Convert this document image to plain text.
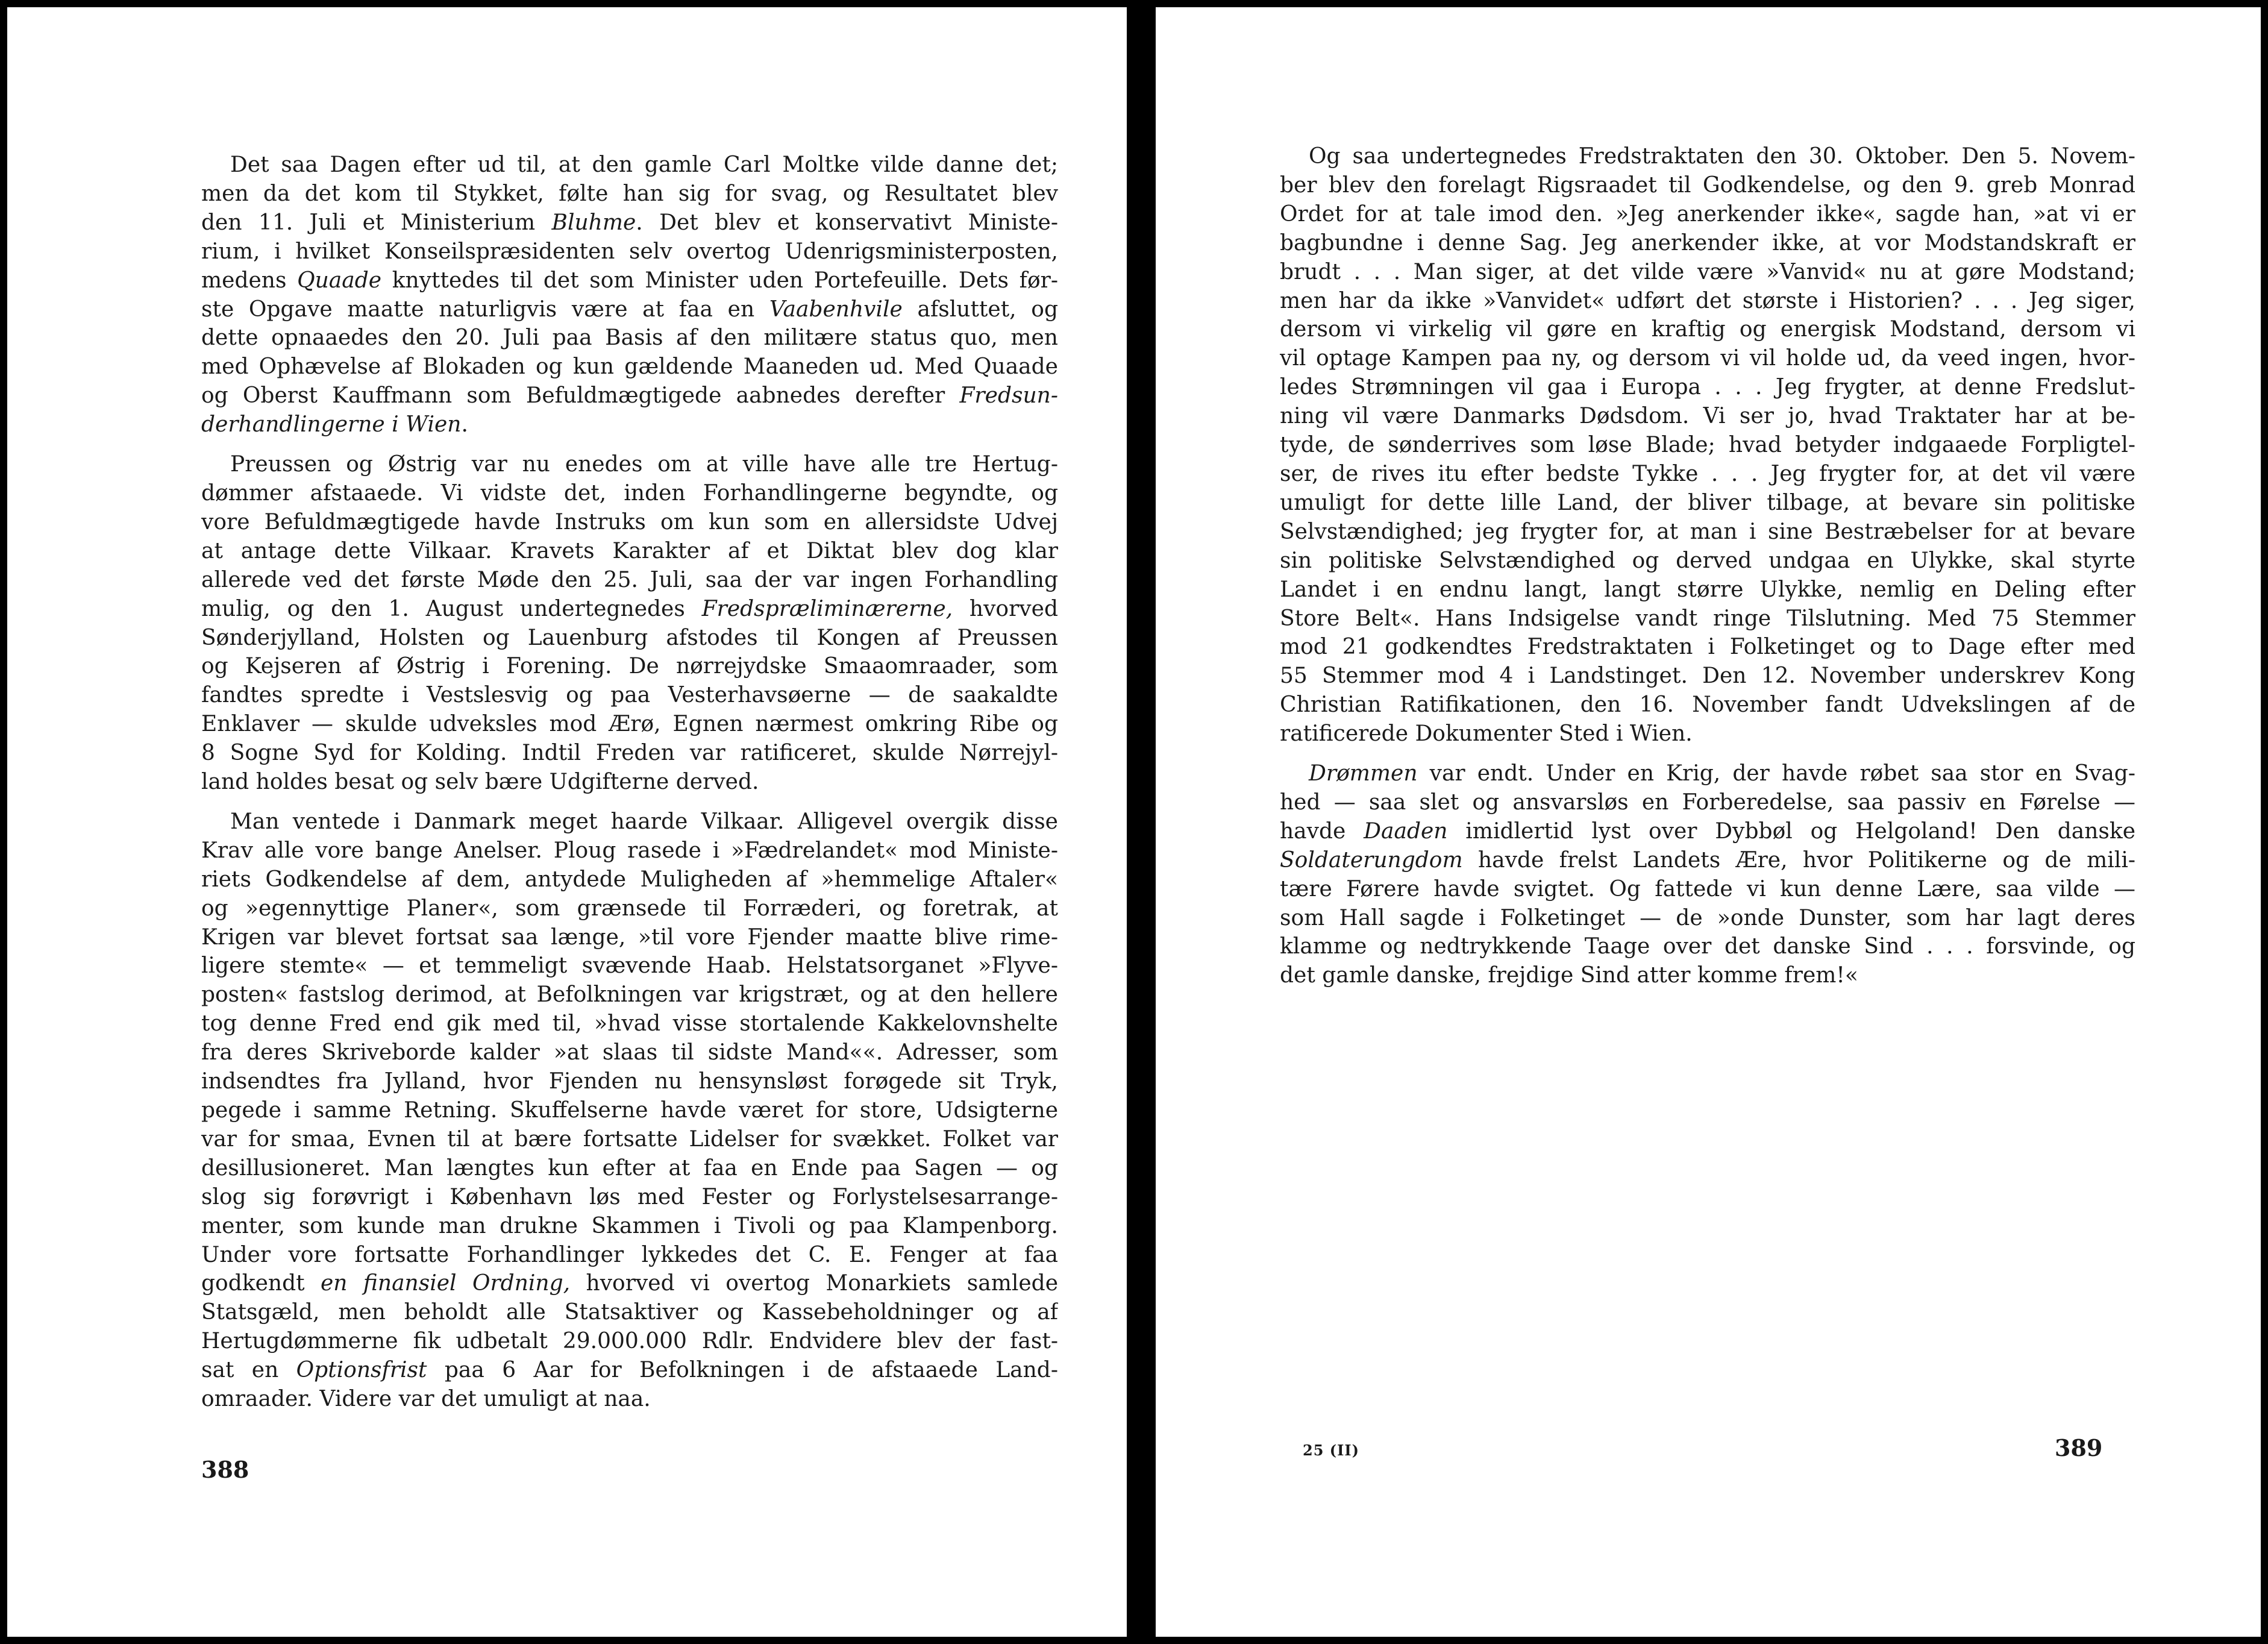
Det saa Dagen efter ud til, at den gamle Carl Moltke vilde danne det;
men da det kom til Stykket, følte han sig for svag, og Resultatet blev
den 11. Juli et Ministerium Bluhme. Det blev et konservativt Ministe-
rium, i hvilket Konseilspræsidenten selv overtog Udenrigsministerposten,
medens Quaade knyttedes til det som Minister uden Portefeuille. Dets før-
ste Opgave maatte naturligvis være at faa en Vaabenhvile afsluttet, og
dette opnaaedes den 20. Juli paa Basis af den militære status quo, men
med Ophævelse af Blokaden og kun gældende Maaneden ud. Med Quaade
og Oberst Kauffmann som Befuldmægtigede aabnedes derefter Fredsun-
derhandlingerne i Wien.
Preussen og Østrig var nu enedes om at ville have alle tre Hertug-
dømmer afstaaede. Vi vidste det, inden Forhandlingerne begyndte, og
vore Befuldmægtigede havde Instruks om kun som en allersidste Udvej
at antage dette Vilkaar. Kravets Karakter af et Diktat blev dog klar
allerede ved det første Møde den 25. Juli, saa der var ingen Forhandling
mulig, og den 1. August undertegnedes Fredspræliminærerne, hvorved
Sønderjylland, Holsten og Lauenburg afstodes til Kongen af Preussen
og Kejseren af Østrig i Forening. De nørrejydske Smaaomraader, som
fandtes spredte i Vestslesvig og paa Vesterhavsøerne — de saakaldte
Enklaver — skulde udveksles mod Ærø, Egnen nærmest omkring Ribe og
8 Sogne Syd for Kolding. Indtil Freden var ratificeret, skulde Nørrejyl-
land holdes besat og selv bære Udgifterne derved.
Man ventede i Danmark meget haarde Vilkaar. Alligevel overgik disse
Krav alle vore bange Anelser. Ploug rasede i »Fædrelandet« mod Ministe-
riets Godkendelse af dem, antydede Muligheden af »hemmelige Aftaler«
og »egennyttige Planer«, som grænsede til Forræderi, og foretrak, at
Krigen var blevet fortsat saa længe, »til vore Fjender maatte blive rime-
ligere stemte« — et temmeligt svævende Haab. Helstatsorganet »Flyve-
posten« fastslog derimod, at Befolkningen var krigstræt, og at den hellere
tog denne Fred end gik med til, »hvad visse stortalende Kakkelovnshelte
fra deres Skriveborde kalder »at slaas til sidste Mand««. Adresser, som
indsendtes fra Jylland, hvor Fjenden nu hensynsløst forøgede sit Tryk,
pegede i samme Retning. Skuffelserne havde været for store, Udsigterne
var for smaa, Evnen til at bære fortsatte Lidelser for svækket. Folket var
desillusioneret. Man længtes kun efter at faa en Ende paa Sagen — og
slog sig forøvrigt i København løs med Fester og Forlystelsesarrange-
menter, som kunde man drukne Skammen i Tivoli og paa Klampenborg.
Under vore fortsatte Forhandlinger lykkedes det C. E. Fenger at faa
godkendt en finansiel Ordning, hvorved vi overtog Monarkiets samlede
Statsgæld, men beholdt alle Statsaktiver og Kassebeholdninger og af
Hertugdømmerne fik udbetalt 29.000.000 Rdlr. Endvidere blev der fast-
sat en Optionsfrist paa 6 Aar for Befolkningen i de afstaaede Land-
omraader. Videre var det umuligt at naa.
388
Og saa undertegnedes Fredstraktaten den 30. Oktober. Den 5. Novem-
ber blev den forelagt Rigsraadet til Godkendelse, og den 9. greb Monrad
Ordet for at tale imod den. »Jeg anerkender ikke«, sagde han, »at vi er
bagbundne i denne Sag. Jeg anerkender ikke, at vor Modstandskraft er
brudt . . . Man siger, at det vilde være »Vanvid« nu at gøre Modstand;
men har da ikke »Vanvidet« udført det største i Historien? . . . Jeg siger,
dersom vi virkelig vil gøre en kraftig og energisk Modstand, dersom vi
vil optage Kampen paa ny, og dersom vi vil holde ud, da veed ingen, hvor-
ledes Strømningen vil gaa i Europa . . . Jeg frygter, at denne Fredslut-
ning vil være Danmarks Dødsdom. Vi ser jo, hvad Traktater har at be-
tyde, de sønderrives som løse Blade; hvad betyder indgaaede Forpligtel-
ser, de rives itu efter bedste Tykke . . . Jeg frygter for, at det vil være
umuligt for dette lille Land, der bliver tilbage, at bevare sin politiske
Selvstændighed; jeg frygter for, at man i sine Bestræbelser for at bevare
sin politiske Selvstændighed og derved undgaa en Ulykke, skal styrte
Landet i en endnu langt, langt større Ulykke, nemlig en Deling efter
Store Belt«. Hans Indsigelse vandt ringe Tilslutning. Med 75 Stemmer
mod 21 godkendtes Fredstraktaten i Folketinget og to Dage efter med
55 Stemmer mod 4 i Landstinget. Den 12. November underskrev Kong
Christian Ratifikationen, den 16. November fandt Udvekslingen af de
ratificerede Dokumenter Sted i Wien.
Drømmen var endt. Under en Krig, der havde røbet saa stor en Svag-
hed — saa slet og ansvarsløs en Forberedelse, saa passiv en Førelse —
havde Daaden imidlertid lyst over Dybbøl og Helgoland! Den danske
Soldaterungdom havde frelst Landets Ære, hvor Politikerne og de mili-
tære Førere havde svigtet. Og fattede vi kun denne Lære, saa vilde —
som Hall sagde i Folketinget — de »onde Dunster, som har lagt deres
klamme og nedtrykkende Taage over det danske Sind . . . forsvinde, og
det gamle danske, frejdige Sind atter komme frem!«
25 (II)	389
